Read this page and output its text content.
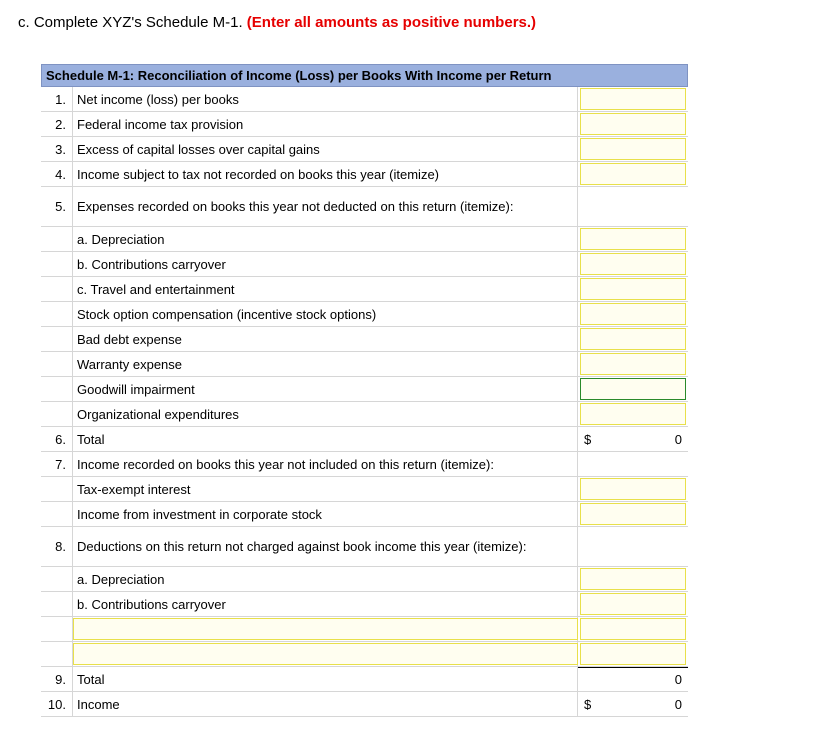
c. Complete XYZ's Schedule M-1. (Enter all amounts as positive numbers.)
Schedule M-1: Reconciliation of Income (Loss) per Books With Income per Return
1. Net income (loss) per books
2. Federal income tax provision
3. Excess of capital losses over capital gains
4. Income subject to tax not recorded on books this year (itemize)
5. Expenses recorded on books this year not deducted on this return (itemize):
a. Depreciation
b. Contributions carryover
c. Travel and entertainment
Stock option compensation (incentive stock options)
Bad debt expense
Warranty expense
Goodwill impairment
Organizational expenditures
6. Total	$	0
7. Income recorded on books this year not included on this return (itemize):
Tax-exempt interest
Income from investment in corporate stock
8. Deductions on this return not charged against book income this year (itemize):
a. Depreciation
b. Contributions carryover
9. Total	0
10. Income	$	0
